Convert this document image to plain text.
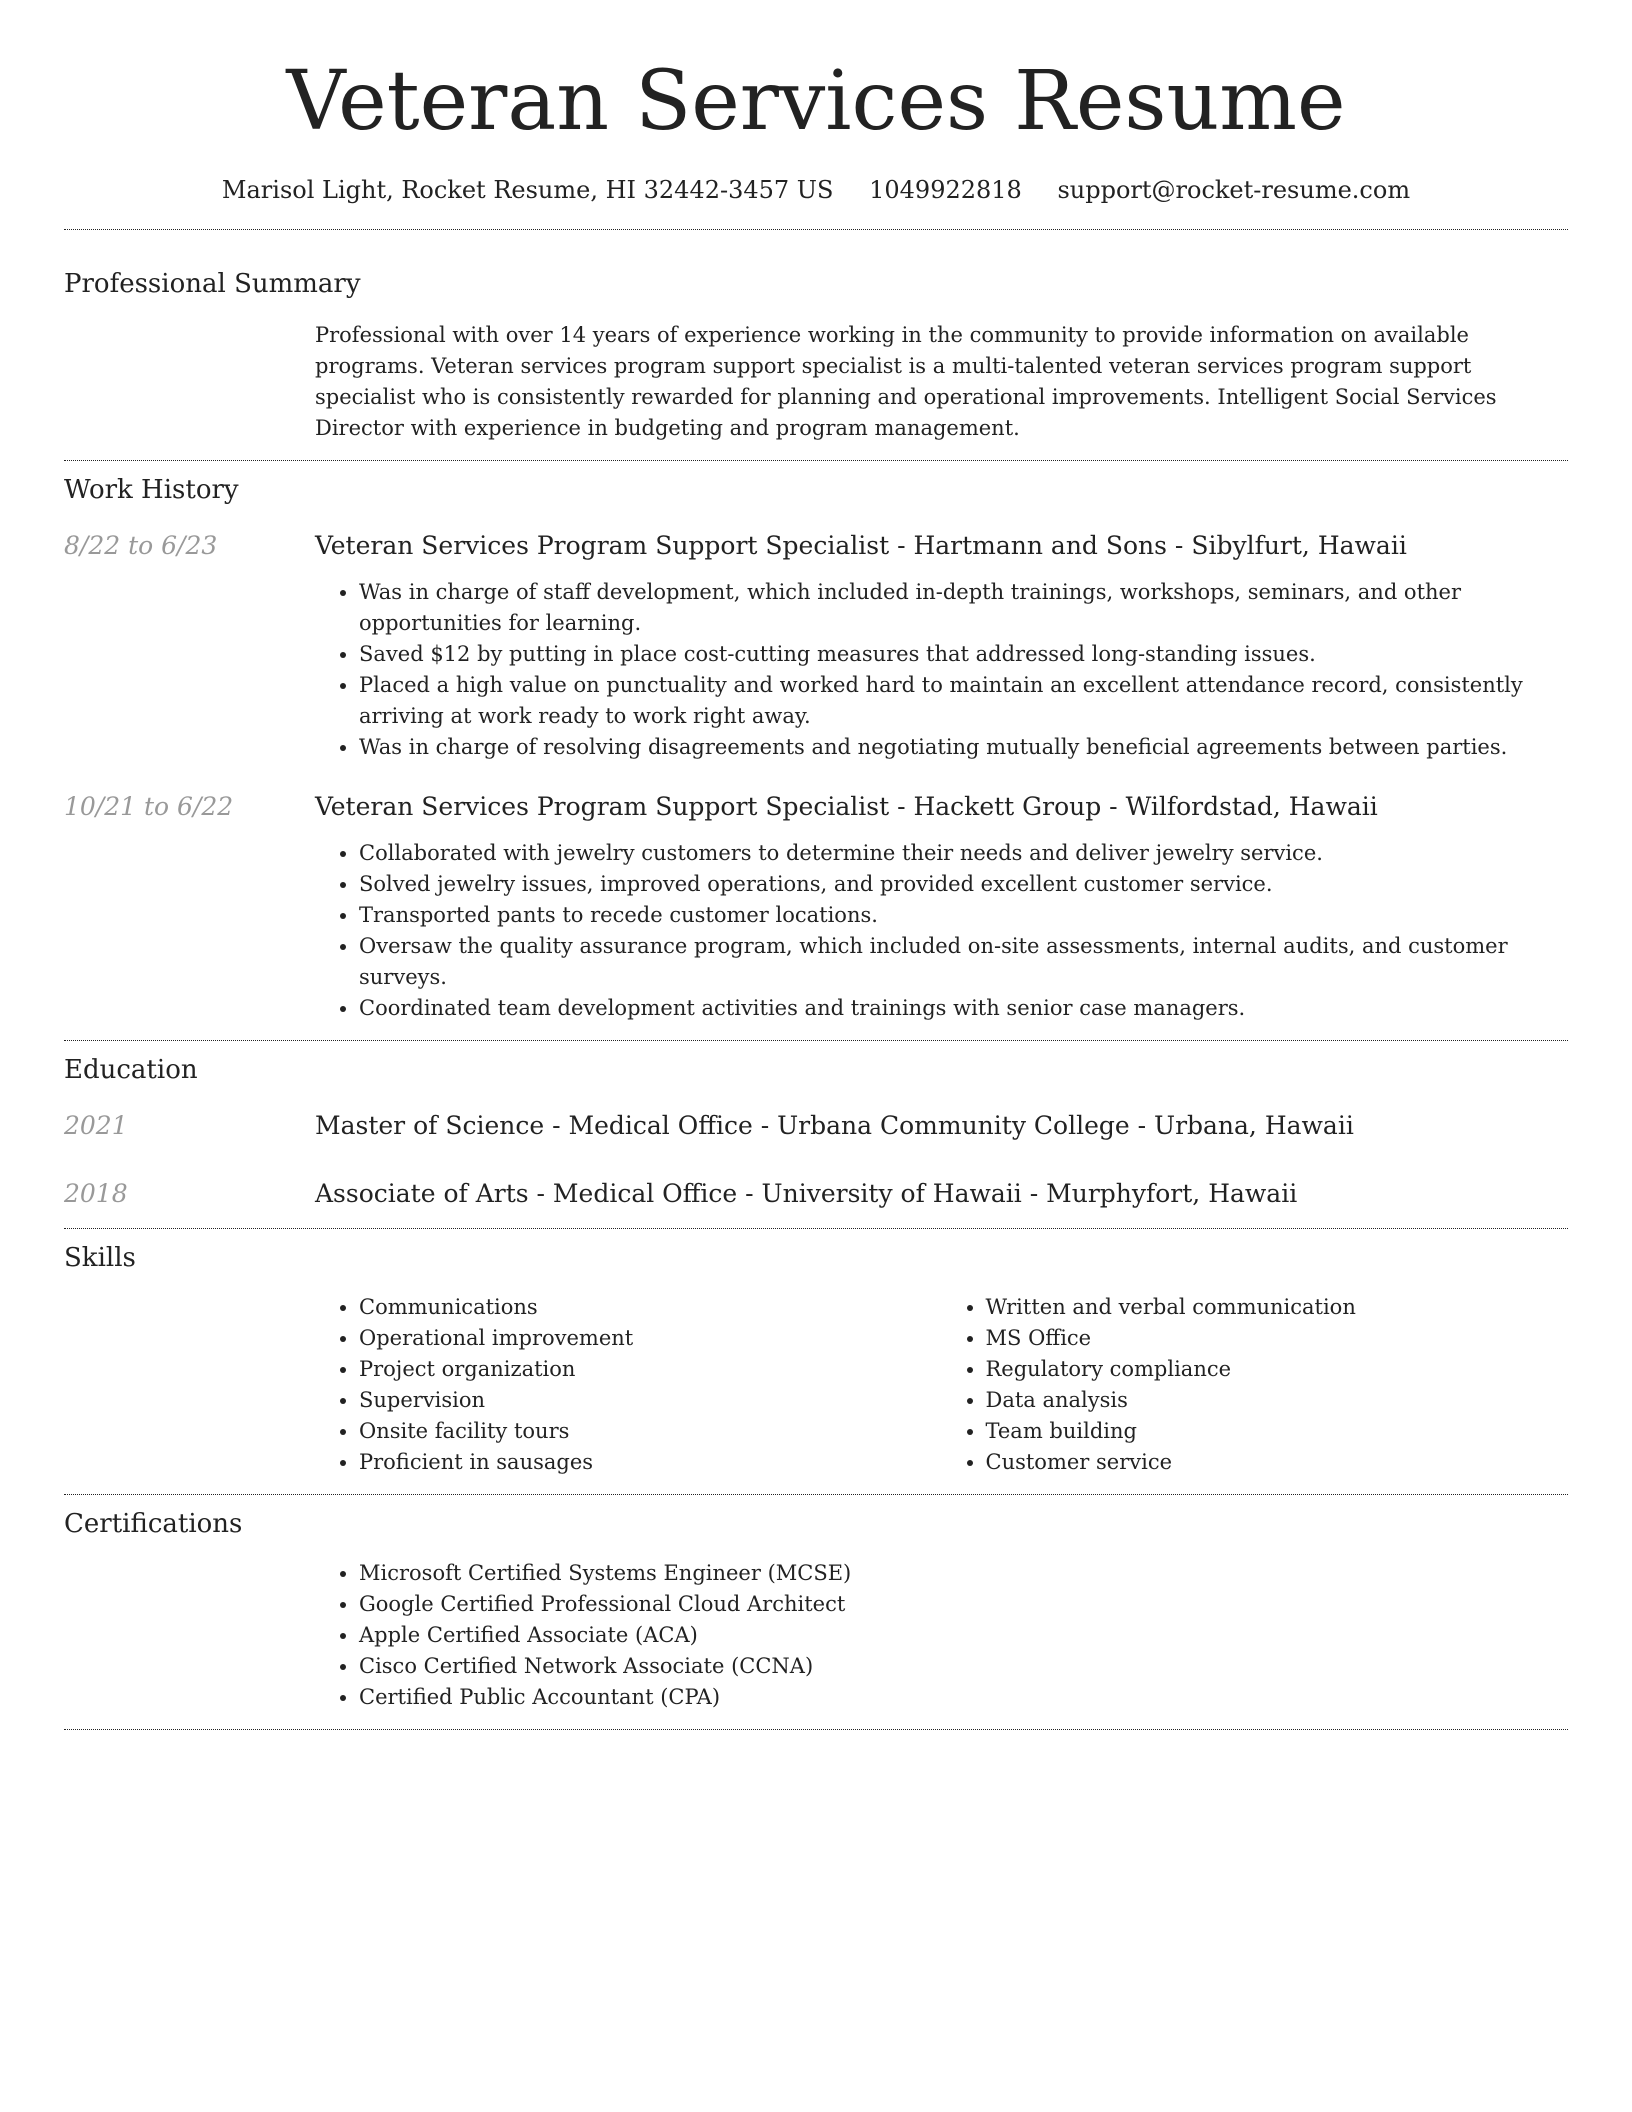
Veteran Services Resume
Marisol Light, Rocket Resume, HI 32442-3457 US 1049922818 support@rocket-resume.com
Professional Summary
Professional with over 14 years of experience working in the community to provide information on available programs. Veteran services program support specialist is a multi-talented veteran services program support specialist who is consistently rewarded for planning and operational improvements. Intelligent Social Services Director with experience in budgeting and program management.
Work History
8/22 to 6/23	Veteran Services Program Support Specialist - Hartmann and Sons - Sibylfurt, Hawaii
• Was in charge of staff development, which included in-depth trainings, workshops, seminars, and other opportunities for learning.
• Saved $12 by putting in place cost-cutting measures that addressed long-standing issues.
• Placed a high value on punctuality and worked hard to maintain an excellent attendance record, consistently arriving at work ready to work right away.
• Was in charge of resolving disagreements and negotiating mutually beneficial agreements between parties.
10/21 to 6/22	Veteran Services Program Support Specialist - Hackett Group - Wilfordstad, Hawaii
• Collaborated with jewelry customers to determine their needs and deliver jewelry service.
• Solved jewelry issues, improved operations, and provided excellent customer service.
• Transported pants to recede customer locations.
• Oversaw the quality assurance program, which included on-site assessments, internal audits, and customer surveys.
• Coordinated team development activities and trainings with senior case managers.
Education
2021	Master of Science - Medical Office - Urbana Community College - Urbana, Hawaii
2018	Associate of Arts - Medical Office - University of Hawaii - Murphyfort, Hawaii
Skills
• Communications
• Operational improvement
• Project organization
• Supervision
• Onsite facility tours
• Proficient in sausages
• Written and verbal communication
• MS Office
• Regulatory compliance
• Data analysis
• Team building
• Customer service
Certifications
• Microsoft Certified Systems Engineer (MCSE)
• Google Certified Professional Cloud Architect
• Apple Certified Associate (ACA)
• Cisco Certified Network Associate (CCNA)
• Certified Public Accountant (CPA)
